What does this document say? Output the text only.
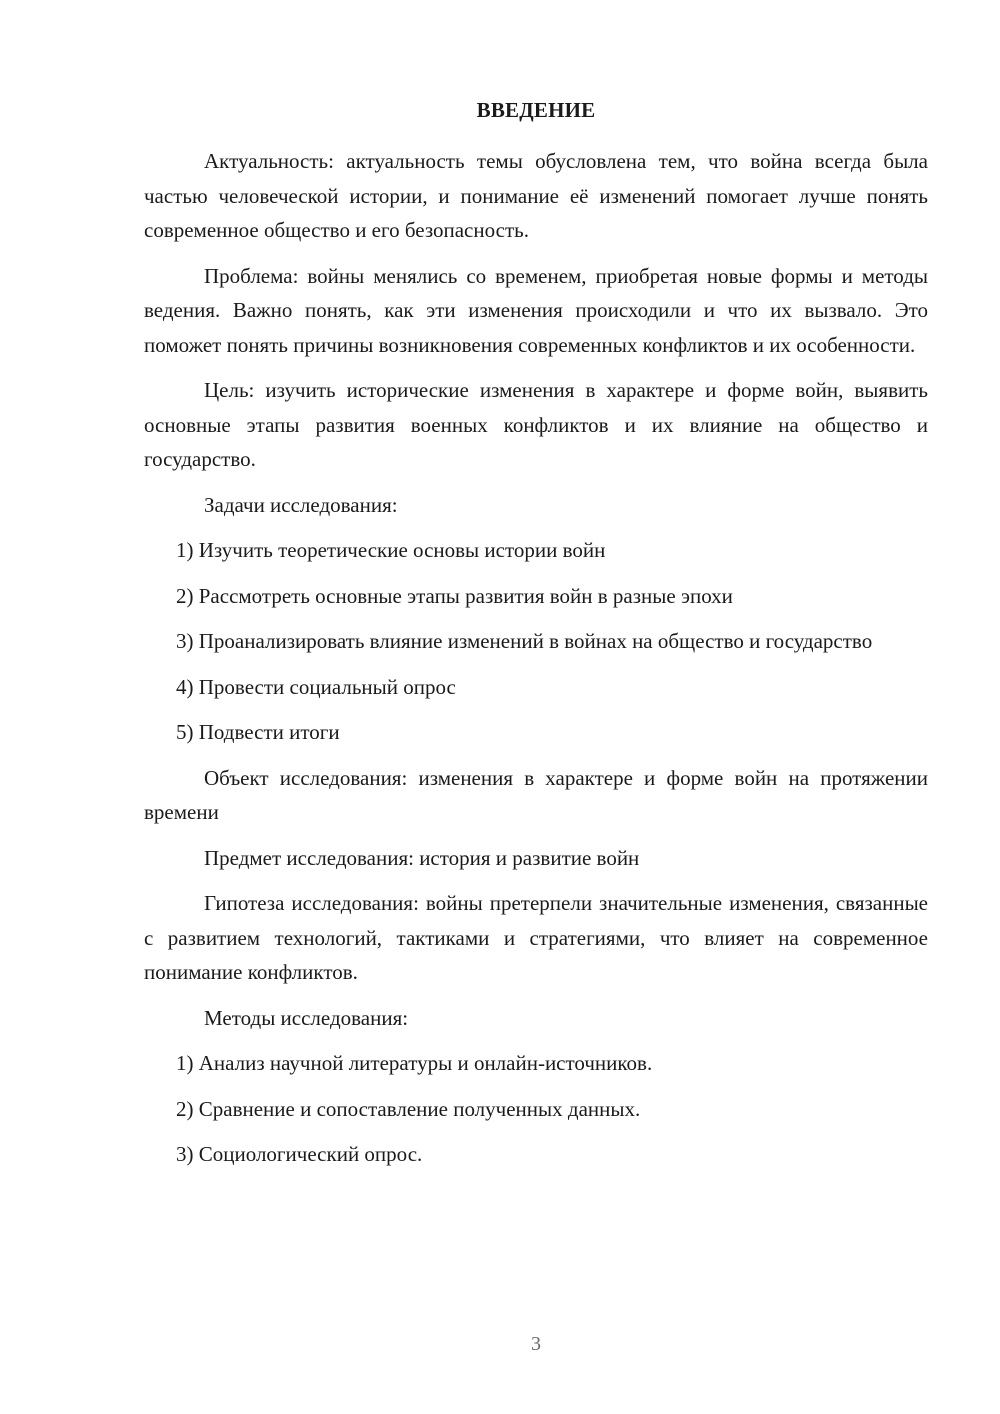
ВВЕДЕНИЕ

Актуальность: актуальность темы обусловлена тем, что война всегда была частью человеческой истории, и понимание её изменений помогает лучше понять современное общество и его безопасность.

Проблема: войны менялись со временем, приобретая новые формы и методы ведения. Важно понять, как эти изменения происходили и что их вызвало. Это поможет понять причины возникновения современных конфликтов и их особенности.

Цель: изучить исторические изменения в характере и форме войн, выявить основные этапы развития военных конфликтов и их влияние на общество и государство.

Задачи исследования:

1) Изучить теоретические основы истории войн

2) Рассмотреть основные этапы развития войн в разные эпохи

3) Проанализировать влияние изменений в войнах на общество и государство

4) Провести социальный опрос

5) Подвести итоги

Объект исследования: изменения в характере и форме войн на протяжении времени

Предмет исследования: история и развитие войн

Гипотеза исследования: войны претерпели значительные изменения, связанные с развитием технологий, тактиками и стратегиями, что влияет на современное понимание конфликтов.

Методы исследования:

1) Анализ научной литературы и онлайн-источников.

2) Сравнение и сопоставление полученных данных.

3) Социологический опрос.

3
